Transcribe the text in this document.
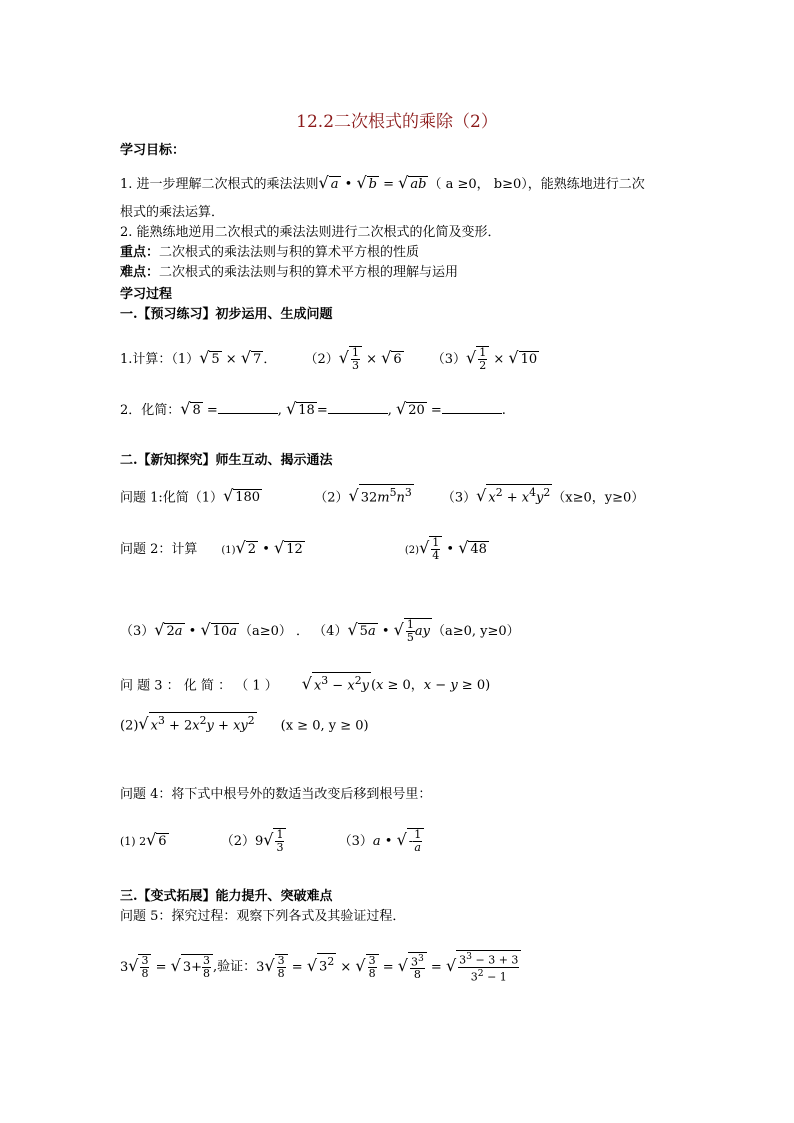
12.2二次根式的乘除（2）
学习目标：
1. 进一步理解二次根式的乘法法则√ a • √ b = √ ab （ a ≥0， b≥0），能熟练地进行二次
根式的乘法运算．
2. 能熟练地逆用二次根式的乘法法则进行二次根式的化简及变形．
重点：二次根式的乘法法则与积的算术平方根的性质
难点：二次根式的乘法法则与积的算术平方根的理解与运用
学习过程
一.【预习练习】初步运用、生成问题
1.计算：（1）√ 5 × √ 7 ． $(2)√ \frac{1}{3}$ × √ 6 $(3)√ \frac{1}{2}$ × √ 10
2．化简：√ 8 =	, √ 18 =	, √ 20 =	.
二.【新知探究】师生互动、揭示通法
问题 1:化简（1）√ 180	（2）√ $32m^5n^3$ （3）√ $x^2 + x^4y^2$ （x≥0，y≥0）
问题 2：计算 (1)√ 2 • √ 12	$(2)√ \frac{1}{4}$ • √ 48
（3）√ 2a • √ 10a （a≥0） ． （4）√ 5a • √ $\frac{1}{5}$ ay （a≥0, y≥0）
问 题 3 ： 化 简 ： （ 1 ） √ $x^3 - x^2y$ (x ≥ 0，x − y ≥ 0)
(2)√ $x^3 + 2x^2y + xy^2$ (x ≥ 0, y ≥ 0)
问题 4：将下式中根号外的数适当改变后移到根号里：
(1) 2√ 6	$(2)9√ \frac{1}{3}$	（3）a • √ - $\frac{1}{a}$
三.【变式拓展】能力提升、突破难点
问题 5：探究过程：观察下列各式及其验证过程．
$3√ \frac{3}{8}$ = √ $3+ \frac{3}{8}$ ,验证：$3√ \frac{3}{8}$ = √ $3^2$ × √ $\frac{3}{8}$ = √ $\frac{3^3}{8}$ = √ $\frac{3^3 - 3 + 3}{3^2 - 1}$
